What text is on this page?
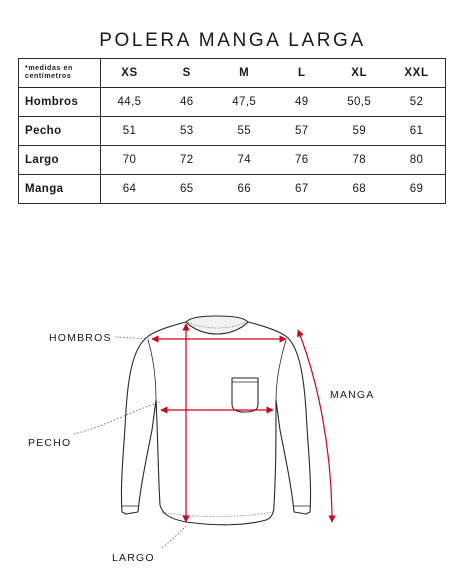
POLERA MANGA LARGA
*medidas en centímetros	XS	S	M	L	XL	XXL
Hombros	44,5	46	47,5	49	50,5	52
Pecho	51	53	55	57	59	61
Largo	70	72	74	76	78	80
Manga	64	65	66	67	68	69
HOMBROS
PECHO
LARGO
MANGA
